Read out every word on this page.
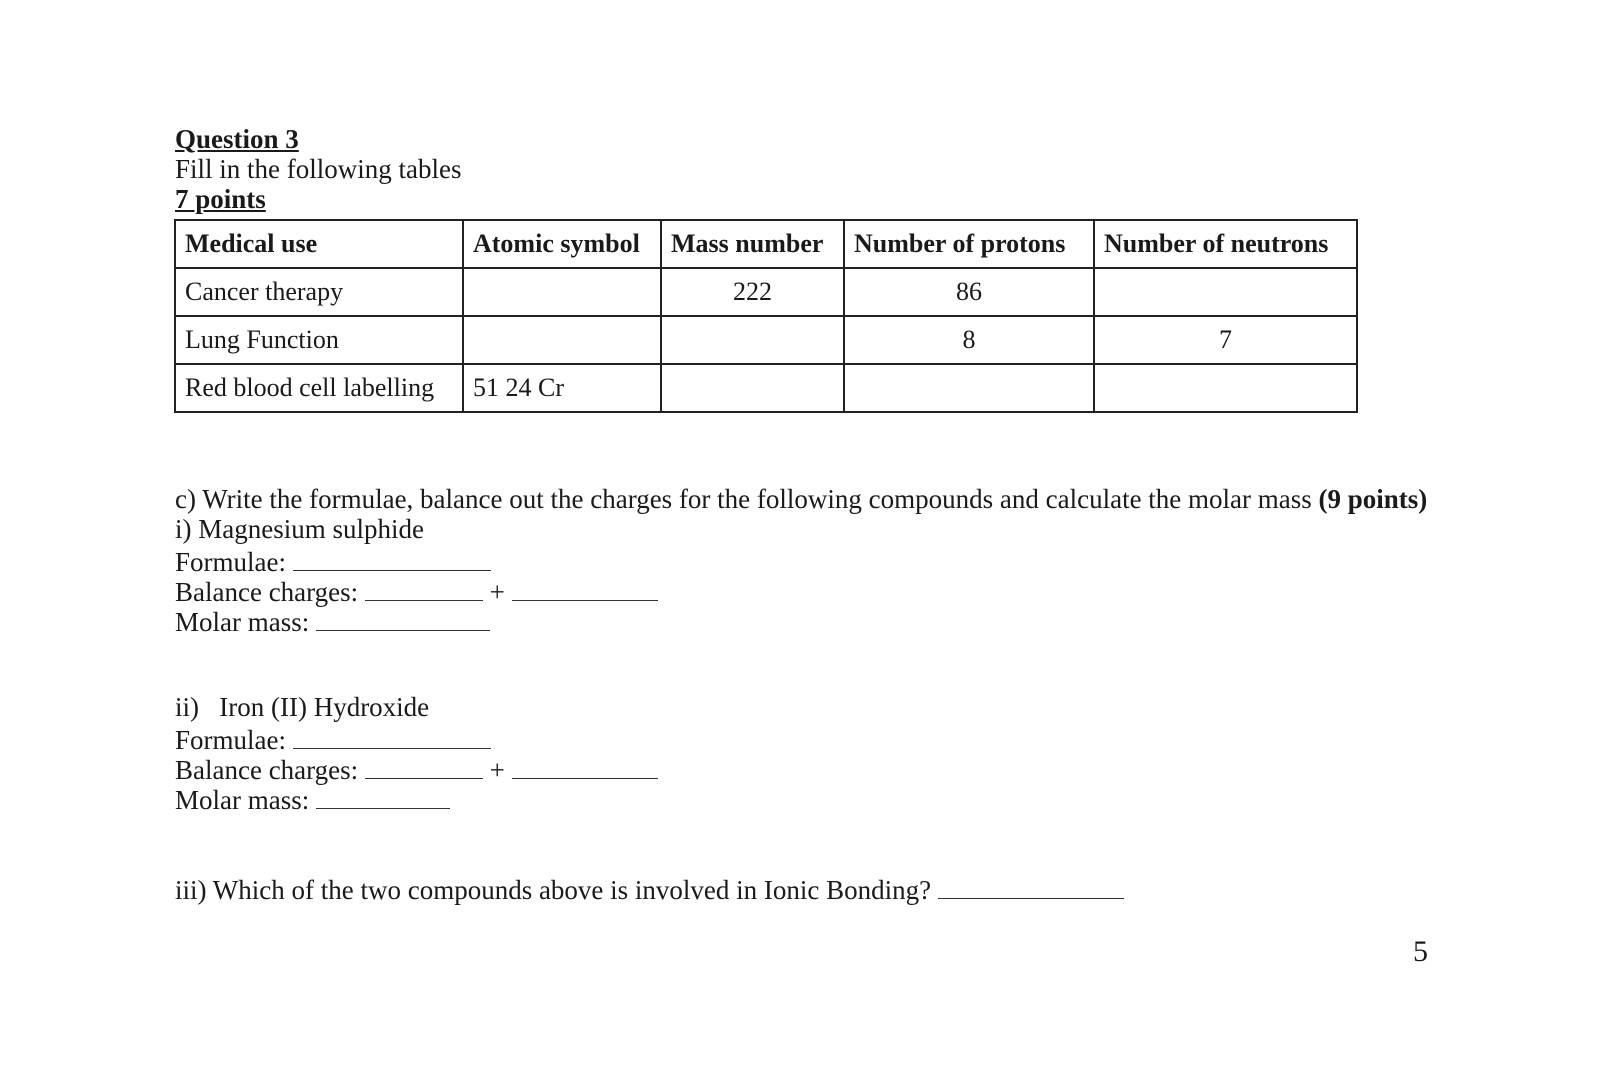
Question 3
Fill in the following tables
7 points
Medical use	Atomic symbol	Mass number	Number of protons	Number of neutrons
Cancer therapy		222	86	
Lung Function			8	7
Red blood cell labelling	51 24 Cr			
c) Write the formulae, balance out the charges for the following compounds and calculate the molar mass (9 points)
i) Magnesium sulphide
Formulae:
Balance charges:	+
Molar mass:
ii)   Iron (II) Hydroxide
Formulae:
Balance charges:	+
Molar mass:
iii) Which of the two compounds above is involved in Ionic Bonding?
5
